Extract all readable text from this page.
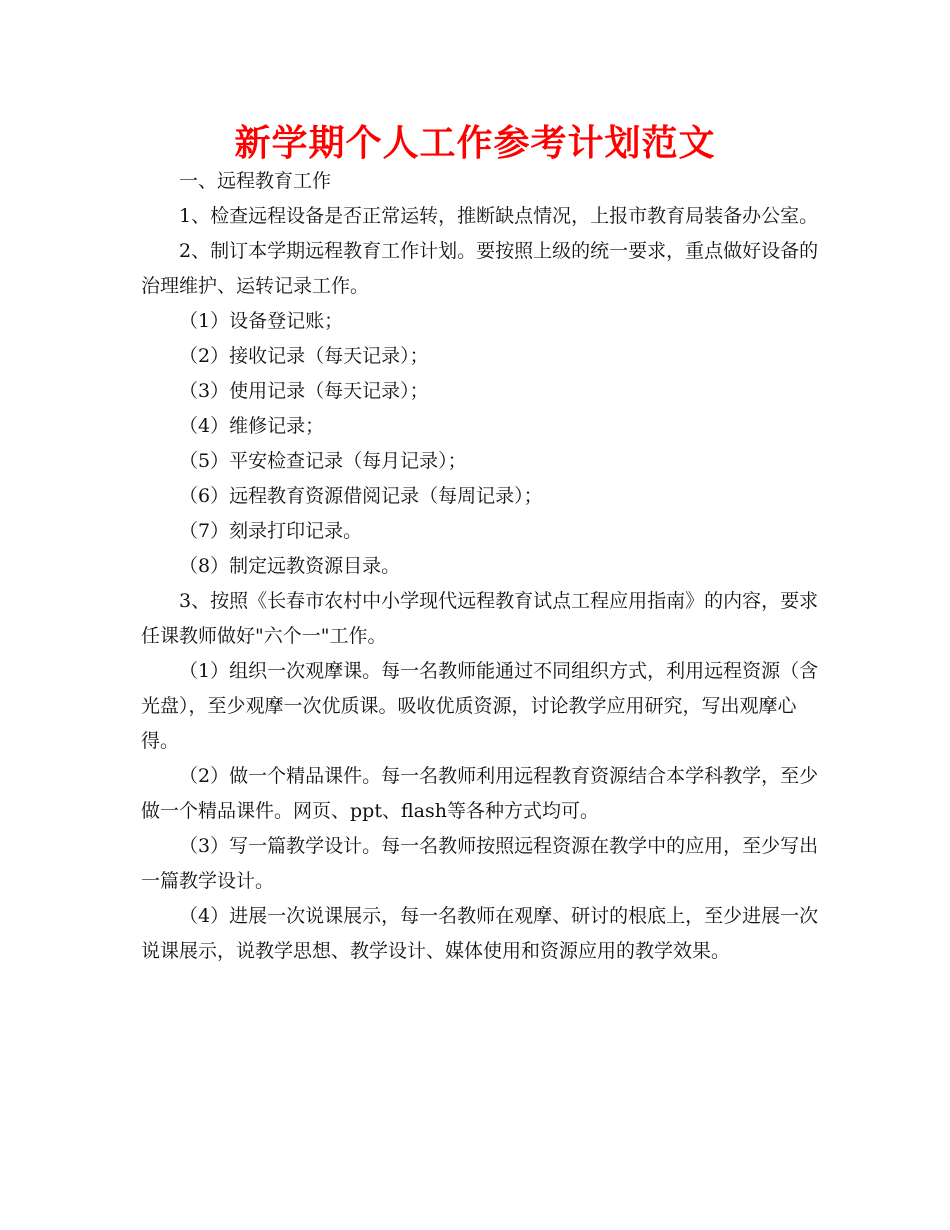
新学期个人工作参考计划范文

一、远程教育工作

1、检查远程设备是否正常运转，推断缺点情况，上报市教育局装备办公室。

2、制订本学期远程教育工作计划。要按照上级的统一要求，重点做好设备的治理维护、运转记录工作。

（1）设备登记账；

（2）接收记录（每天记录）；

（3）使用记录（每天记录）；

（4）维修记录；

（5）平安检查记录（每月记录）；

（6）远程教育资源借阅记录（每周记录）；

（7）刻录打印记录。

（8）制定远教资源目录。

3、按照《长春市农村中小学现代远程教育试点工程应用指南》的内容，要求任课教师做好"六个一"工作。

（1）组织一次观摩课。每一名教师能通过不同组织方式，利用远程资源（含光盘），至少观摩一次优质课。吸收优质资源，讨论教学应用研究，写出观摩心得。

（2）做一个精品课件。每一名教师利用远程教育资源结合本学科教学，至少做一个精品课件。网页、ppt、flash等各种方式均可。

（3）写一篇教学设计。每一名教师按照远程资源在教学中的应用，至少写出一篇教学设计。

（4）进展一次说课展示，每一名教师在观摩、研讨的根底上，至少进展一次说课展示，说教学思想、教学设计、媒体使用和资源应用的教学效果。
